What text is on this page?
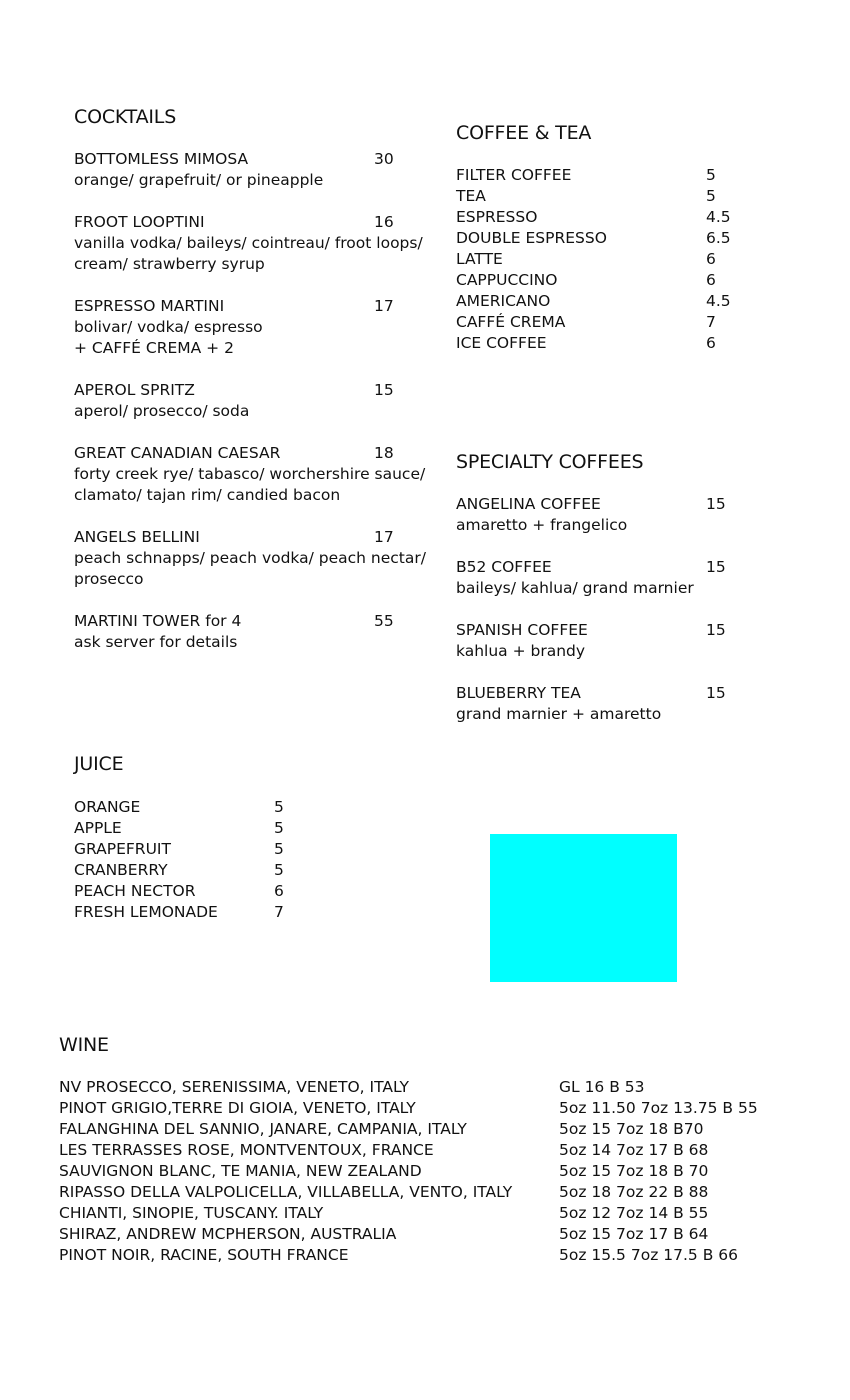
COCKTAILS
COFFEE & TEA
SPECIALTY COFFEES
JUICE
WINE
BOTTOMLESS MIMOSA	30
orange/ grapefruit/ or pineapple
FROOT LOOPTINI	16
vanilla vodka/ baileys/ cointreau/ froot loops/
cream/ strawberry syrup
ESPRESSO MARTINI	17
bolivar/ vodka/ espresso
+ CAFFÉ CREMA + 2
APEROL SPRITZ	15
aperol/ prosecco/ soda
GREAT CANADIAN CAESAR	18
forty creek rye/ tabasco/ worchershire sauce/
clamato/ tajan rim/ candied bacon
ANGELS BELLINI	17
peach schnapps/ peach vodka/ peach nectar/
prosecco
MARTINI TOWER for 4	55
ask server for details
FILTER COFFEE	5
TEA	5
ESPRESSO	4.5
DOUBLE ESPRESSO	6.5
LATTE	6
CAPPUCCINO	6
AMERICANO	4.5
CAFFÉ CREMA	7
ICE COFFEE	6
ANGELINA COFFEE	15
amaretto + frangelico
B52 COFFEE	15
baileys/ kahlua/ grand marnier
SPANISH COFFEE	15
kahlua + brandy
BLUEBERRY TEA	15
grand marnier + amaretto
ORANGE	5
APPLE	5
GRAPEFRUIT	5
CRANBERRY	5
PEACH NECTOR	6
FRESH LEMONADE	7
NV PROSECCO, SERENISSIMA, VENETO, ITALY	GL 16 B 53
PINOT GRIGIO,TERRE DI GIOIA, VENETO, ITALY	5oz 11.50 7oz 13.75 B 55
FALANGHINA DEL SANNIO, JANARE, CAMPANIA, ITALY	5oz 15 7oz 18 B70
LES TERRASSES ROSE, MONTVENTOUX, FRANCE	5oz 14 7oz 17 B 68
SAUVIGNON BLANC, TE MANIA, NEW ZEALAND	5oz 15 7oz 18 B 70
RIPASSO DELLA VALPOLICELLA, VILLABELLA, VENTO, ITALY	5oz 18 7oz 22 B 88
CHIANTI, SINOPIE, TUSCANY. ITALY	5oz 12 7oz 14 B 55
SHIRAZ, ANDREW MCPHERSON, AUSTRALIA	5oz 15 7oz 17 B 64
PINOT NOIR, RACINE, SOUTH FRANCE	5oz 15.5 7oz 17.5 B 66
